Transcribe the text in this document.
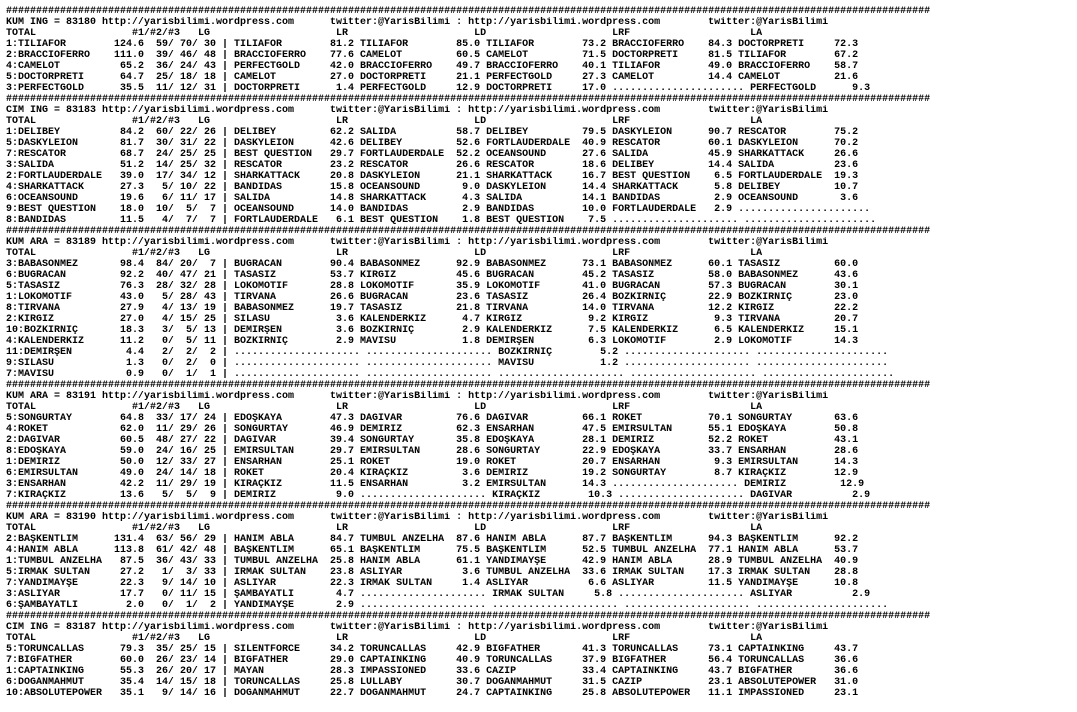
##########################################################################################################################################################
KUM ING = 83180 http://yarisbilimi.wordpress.com      twitter:@YarisBilimi : http://yarisbilimi.wordpress.com        twitter:@YarisBilimi
TOTAL                #1/#2/#3   LG                     LR                     LD                     LRF                    LA
1:TILIAFOR        124.6  59/ 70/ 30 | TILIAFOR        81.2 TILIAFOR        85.0 TILIAFOR        73.2 BRACCIOFERRO    84.3 DOCTORPRETI     72.3
2:BRACCIOFERRO    111.0  39/ 46/ 48 | BRACCIOFERRO    77.6 CAMELOT         60.5 CAMELOT         71.5 DOCTORPRETI     81.5 TILIAFOR        67.2
4:CAMELOT          65.2  36/ 24/ 43 | PERFECTGOLD     42.0 BRACCIOFERRO    49.7 BRACCIOFERRO    40.1 TILIAFOR        49.0 BRACCIOFERRO    58.7
5:DOCTORPRETI      64.7  25/ 18/ 18 | CAMELOT         27.0 DOCTORPRETI     21.1 PERFECTGOLD     27.3 CAMELOT         14.4 CAMELOT         21.6
3:PERFECTGOLD      35.5  11/ 12/ 31 | DOCTORPRETI      1.4 PERFECTGOLD     12.9 DOCTORPRETI     17.0 ...................... PERFECTGOLD      9.3
##########################################################################################################################################################
CIM ING = 83183 http://yarisbilimi.wordpress.com      twitter:@YarisBilimi : http://yarisbilimi.wordpress.com        twitter:@YarisBilimi
TOTAL                #1/#2/#3   LG                     LR                     LD                     LRF                    LA
1:DELIBEY          84.2  60/ 22/ 26 | DELIBEY         62.2 SALİDA          58.7 DELIBEY         79.5 DASKYLEION      90.7 RESCATOR        75.2
5:DASKYLEION       81.7  30/ 31/ 22 | DASKYLEION      42.6 DELIBEY         52.6 FORTLAUDERDALE  40.9 RESCATOR        60.1 DASKYLEION      70.2
7:RESCATOR         68.7  24/ 25/ 25 | BEST QUESTION   29.7 FORTLAUDERDALE  52.2 OCEANSOUND      27.6 SALİDA          45.9 SHARKATTACK     26.6
3:SALİDA           51.2  14/ 25/ 32 | RESCATOR        23.2 RESCATOR        26.6 RESCATOR        18.6 DELIBEY         14.4 SALİDA          23.6
2:FORTLAUDERDALE   39.0  17/ 34/ 12 | SHARKATTACK     20.8 DASKYLEION      21.1 SHARKATTACK     16.7 BEST QUESTION    6.5 FORTLAUDERDALE  19.3
4:SHARKATTACK      27.3   5/ 10/ 22 | BANDİDAS        15.8 OCEANSOUND       9.0 DASKYLEION      14.4 SHARKATTACK      5.8 DELIBEY         10.7
6:OCEANSOUND       19.6   6/ 11/ 17 | SALİDA          14.8 SHARKATTACK      4.3 SALİDA          14.1 BANDİDAS         2.9 OCEANSOUND       3.6
9:BEST QUESTION    18.0  10/  5/  7 | OCEANSOUND      14.0 BANDİDAS         2.9 BANDİDAS        10.0 FORTLAUDERDALE   2.9 ......................
8:BANDİDAS         11.5   4/  7/  7 | FORTLAUDERDALE   6.1 BEST QUESTION    1.8 BEST QUESTION    7.5 ..................... ......................
##########################################################################################################################################################
KUM ARA = 83189 http://yarisbilimi.wordpress.com      twitter:@YarisBilimi : http://yarisbilimi.wordpress.com        twitter:@YarisBilimi
TOTAL                #1/#2/#3   LG                     LR                     LD                     LRF                    LA
3:BABASÖNMEZ       98.4  84/ 20/  7 | BUĞRACAN        90.4 BABASÖNMEZ      92.9 BABASÖNMEZ      73.1 BABASÖNMEZ      60.1 TASASIZ         60.0
6:BUĞRACAN         92.2  40/ 47/ 21 | TASASIZ         53.7 KIRGIZ          45.6 BUĞRACAN        45.2 TASASIZ         58.0 BABASÖNMEZ      43.6
5:TASASIZ          76.3  28/ 32/ 28 | LOKOMOTİF       28.8 LOKOMOTİF       35.9 LOKOMOTİF       41.0 BUĞRACAN        57.3 BUĞRACAN        30.1
1:LOKOMOTİF        43.0   5/ 28/ 43 | TIRVANA         26.6 BUĞRACAN        23.6 TASASIZ         26.4 BOZKIRNIÇ       22.9 BOZKIRNIÇ       23.0
8:TIRVANA          27.9   4/ 13/ 19 | BABASÖNMEZ      19.7 TASASIZ         21.8 TIRVANA         14.0 TIRVANA         12.2 KIRGIZ          22.2
2:KIRGIZ           27.0   4/ 15/ 25 | SILASU           3.6 KALENDERKIZ      4.7 KIRGIZ           9.2 KIRGIZ           9.3 TIRVANA         20.7
10:BOZKIRNIÇ       18.3   3/  5/ 13 | DEMİRŞEN         3.6 BOZKIRNIÇ        2.9 KALENDERKIZ      7.5 KALENDERKIZ      6.5 KALENDERKIZ     15.1
4:KALENDERKIZ      11.2   0/  5/ 11 | BOZKIRNIÇ        2.9 MAVİSU           1.8 DEMİRŞEN         6.3 LOKOMOTİF        2.9 LOKOMOTİF       14.3
11:DEMİRŞEN         4.4   2/  2/  2 | ..................... ..................... BOZKIRNIÇ        5.2 ..................... ......................
9:SILASU            1.3   0/  2/  0 | ..................... ..................... MAVİSU           1.2 ..................... ......................
7:MAVİSU            0.9   0/  1/  1 | ..................... ..................... ..................... ..................... ......................
##########################################################################################################################################################
KUM ARA = 83191 http://yarisbilimi.wordpress.com      twitter:@YarisBilimi : http://yarisbilimi.wordpress.com        twitter:@YarisBilimi
TOTAL                #1/#2/#3   LG                     LR                     LD                     LRF                    LA
5:SONGURTAY        64.8  33/ 17/ 24 | EDOŞKAYA        47.3 DAĞIVAR         76.6 DAĞIVAR         66.1 ROKET           70.1 SONGURTAY       63.6
4:ROKET            62.0  11/ 29/ 26 | SONGURTAY       46.9 DEMİRİZ         62.3 ENSARHAN        47.5 EMİRSULTAN      55.1 EDOŞKAYA        50.8
2:DAĞIVAR          60.5  48/ 27/ 22 | DAĞIVAR         39.4 SONGURTAY       35.8 EDOŞKAYA        28.1 DEMİRİZ         52.2 ROKET           43.1
8:EDOŞKAYA         59.0  24/ 16/ 25 | EMİRSULTAN      29.7 EMİRSULTAN      28.6 SONGURTAY       22.9 EDOŞKAYA        33.7 ENSARHAN        28.6
1:DEMİRİZ          50.0  12/ 33/ 27 | ENSARHAN        25.1 ROKET           19.0 ROKET           20.7 ENSARHAN         9.3 EMİRSULTAN      14.3
6:EMİRSULTAN       49.0  24/ 14/ 18 | ROKET           20.4 KIRAÇKIZ         3.6 DEMİRİZ         19.2 SONGURTAY        8.7 KIRAÇKIZ        12.9
3:ENSARHAN         42.2  11/ 29/ 19 | KIRAÇKIZ        11.5 ENSARHAN         3.2 EMİRSULTAN      14.3 ..................... DEMİRİZ         12.9
7:KIRAÇKIZ         13.6   5/  5/  9 | DEMİRİZ          9.0 ..................... KIRAÇKIZ        10.3 ..................... DAĞIVAR          2.9
##########################################################################################################################################################
KUM ARA = 83190 http://yarisbilimi.wordpress.com      twitter:@YarisBilimi : http://yarisbilimi.wordpress.com        twitter:@YarisBilimi
TOTAL                #1/#2/#3   LG                     LR                     LD                     LRF                    LA
2:BAŞKENTLİM      131.4  63/ 56/ 29 | HANIM ABLA      84.7 TUMBUL ANZELHA  87.6 HANIM ABLA      87.7 BAŞKENTLİM      94.3 BAŞKENTLİM      92.2
4:HANIM ABLA      113.8  61/ 42/ 48 | BAŞKENTLİM      65.1 BAŞKENTLİM      75.5 BAŞKENTLİM      52.5 TUMBUL ANZELHA  77.1 HANIM ABLA      53.7
1:TUMBUL ANZELHA   87.5  36/ 43/ 33 | TUMBUL ANZELHA  25.8 HANIM ABLA      61.1 YANDIMAYŞE      42.9 HANIM ABLA      28.9 TUMBUL ANZELHA  40.9
5:IRMAK SULTAN     27.2   1/  3/ 33 | IRMAK SULTAN    23.8 ASLIYAR          3.6 TUMBUL ANZELHA  33.6 IRMAK SULTAN    17.3 IRMAK SULTAN    28.8
7:YANDIMAYŞE       22.3   9/ 14/ 10 | ASLIYAR         22.3 IRMAK SULTAN     1.4 ASLIYAR          6.6 ASLIYAR         11.5 YANDIMAYŞE      10.8
3:ASLIYAR          17.7   0/ 11/ 15 | ŞAMBAYATLI       4.7 ..................... IRMAK SULTAN     5.8 ..................... ASLIYAR          2.9
6:ŞAMBAYATLI        2.0   0/  1/  2 | YANDIMAYŞE       2.9 ..................... ..................... ..................... ......................
##########################################################################################################################################################
CIM ING = 83187 http://yarisbilimi.wordpress.com      twitter:@YarisBilimi : http://yarisbilimi.wordpress.com        twitter:@YarisBilimi
TOTAL                #1/#2/#3   LG                     LR                     LD                     LRF                    LA
5:TORUNCALLAS      79.3  35/ 25/ 15 | SILENTFORCE     34.2 TORUNCALLAS     42.9 BIGFATHER       41.3 TORUNCALLAS     73.1 CAPTAINKING     43.7
7:BIGFATHER        60.0  26/ 23/ 14 | BIGFATHER       29.0 CAPTAINKING     40.9 TORUNCALLAS     37.9 BIGFATHER       56.4 TORUNCALLAS     36.6
1:CAPTAINKING      55.3  26/ 20/ 17 | MAYAN           28.3 IMPASSIONED     33.6 CAZİP           33.4 CAPTAINKING     43.7 BIGFATHER       36.6
6:DOĞANMAHMUT      35.4  14/ 15/ 18 | TORUNCALLAS     25.8 LULLABY         30.7 DOĞANMAHMUT     31.5 CAZİP           23.1 ABSOLUTEPOWER   31.0
10:ABSOLUTEPOWER   35.1   9/ 14/ 16 | DOĞANMAHMUT     22.7 DOĞANMAHMUT     24.7 CAPTAINKING     25.8 ABSOLUTEPOWER   11.1 IMPASSIONED     23.1
